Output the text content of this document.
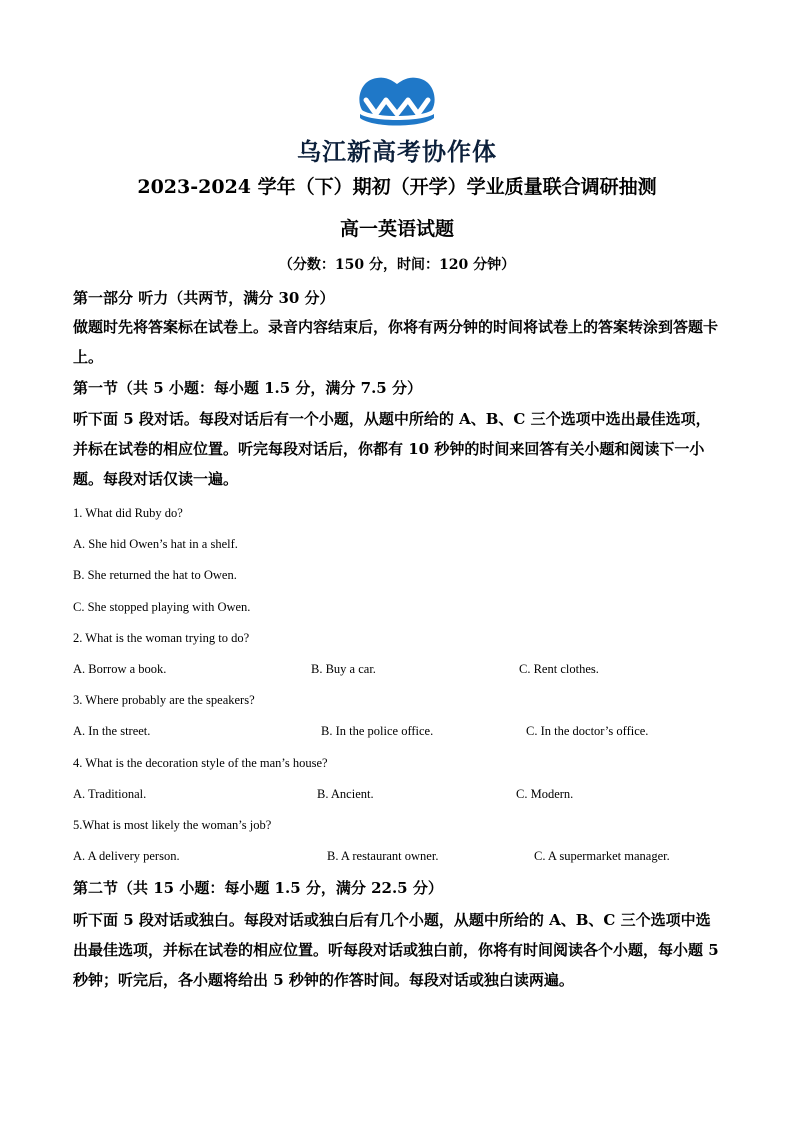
乌江新高考协作体
2023-2024 学年（下）期初（开学）学业质量联合调研抽测
高一英语试题
（分数：150 分，时间：120 分钟）
第一部分 听力（共两节，满分 30 分）
做题时先将答案标在试卷上。录音内容结束后，你将有两分钟的时间将试卷上的答案转涂到答题卡上。
第一节（共 5 小题：每小题 1.5 分，满分 7.5 分）
听下面 5 段对话。每段对话后有一个小题，从题中所给的 A、B、C 三个选项中选出最佳选项，并标在试卷的相应位置。听完每段对话后，你都有 10 秒钟的时间来回答有关小题和阅读下一小题。每段对话仅读一遍。
1. What did Ruby do?
A. She hid Owen’s hat in a shelf.
B. She returned the hat to Owen.
C. She stopped playing with Owen.
2. What is the woman trying to do?
A. Borrow a book.	B. Buy a car.	C. Rent clothes.
3. Where probably are the speakers?
A. In the street.	B. In the police office.	C. In the doctor’s office.
4. What is the decoration style of the man’s house?
A. Traditional.	B. Ancient.	C. Modern.
5.What is most likely the woman’s job?
A. A delivery person.	B. A restaurant owner.	C. A supermarket manager.
第二节（共 15 小题：每小题 1.5 分，满分 22.5 分）
听下面 5 段对话或独白。每段对话或独白后有几个小题，从题中所给的 A、B、C 三个选项中选出最佳选项，并标在试卷的相应位置。听每段对话或独白前，你将有时间阅读各个小题，每小题 5 秒钟；听完后，各小题将给出 5 秒钟的作答时间。每段对话或独白读两遍。
